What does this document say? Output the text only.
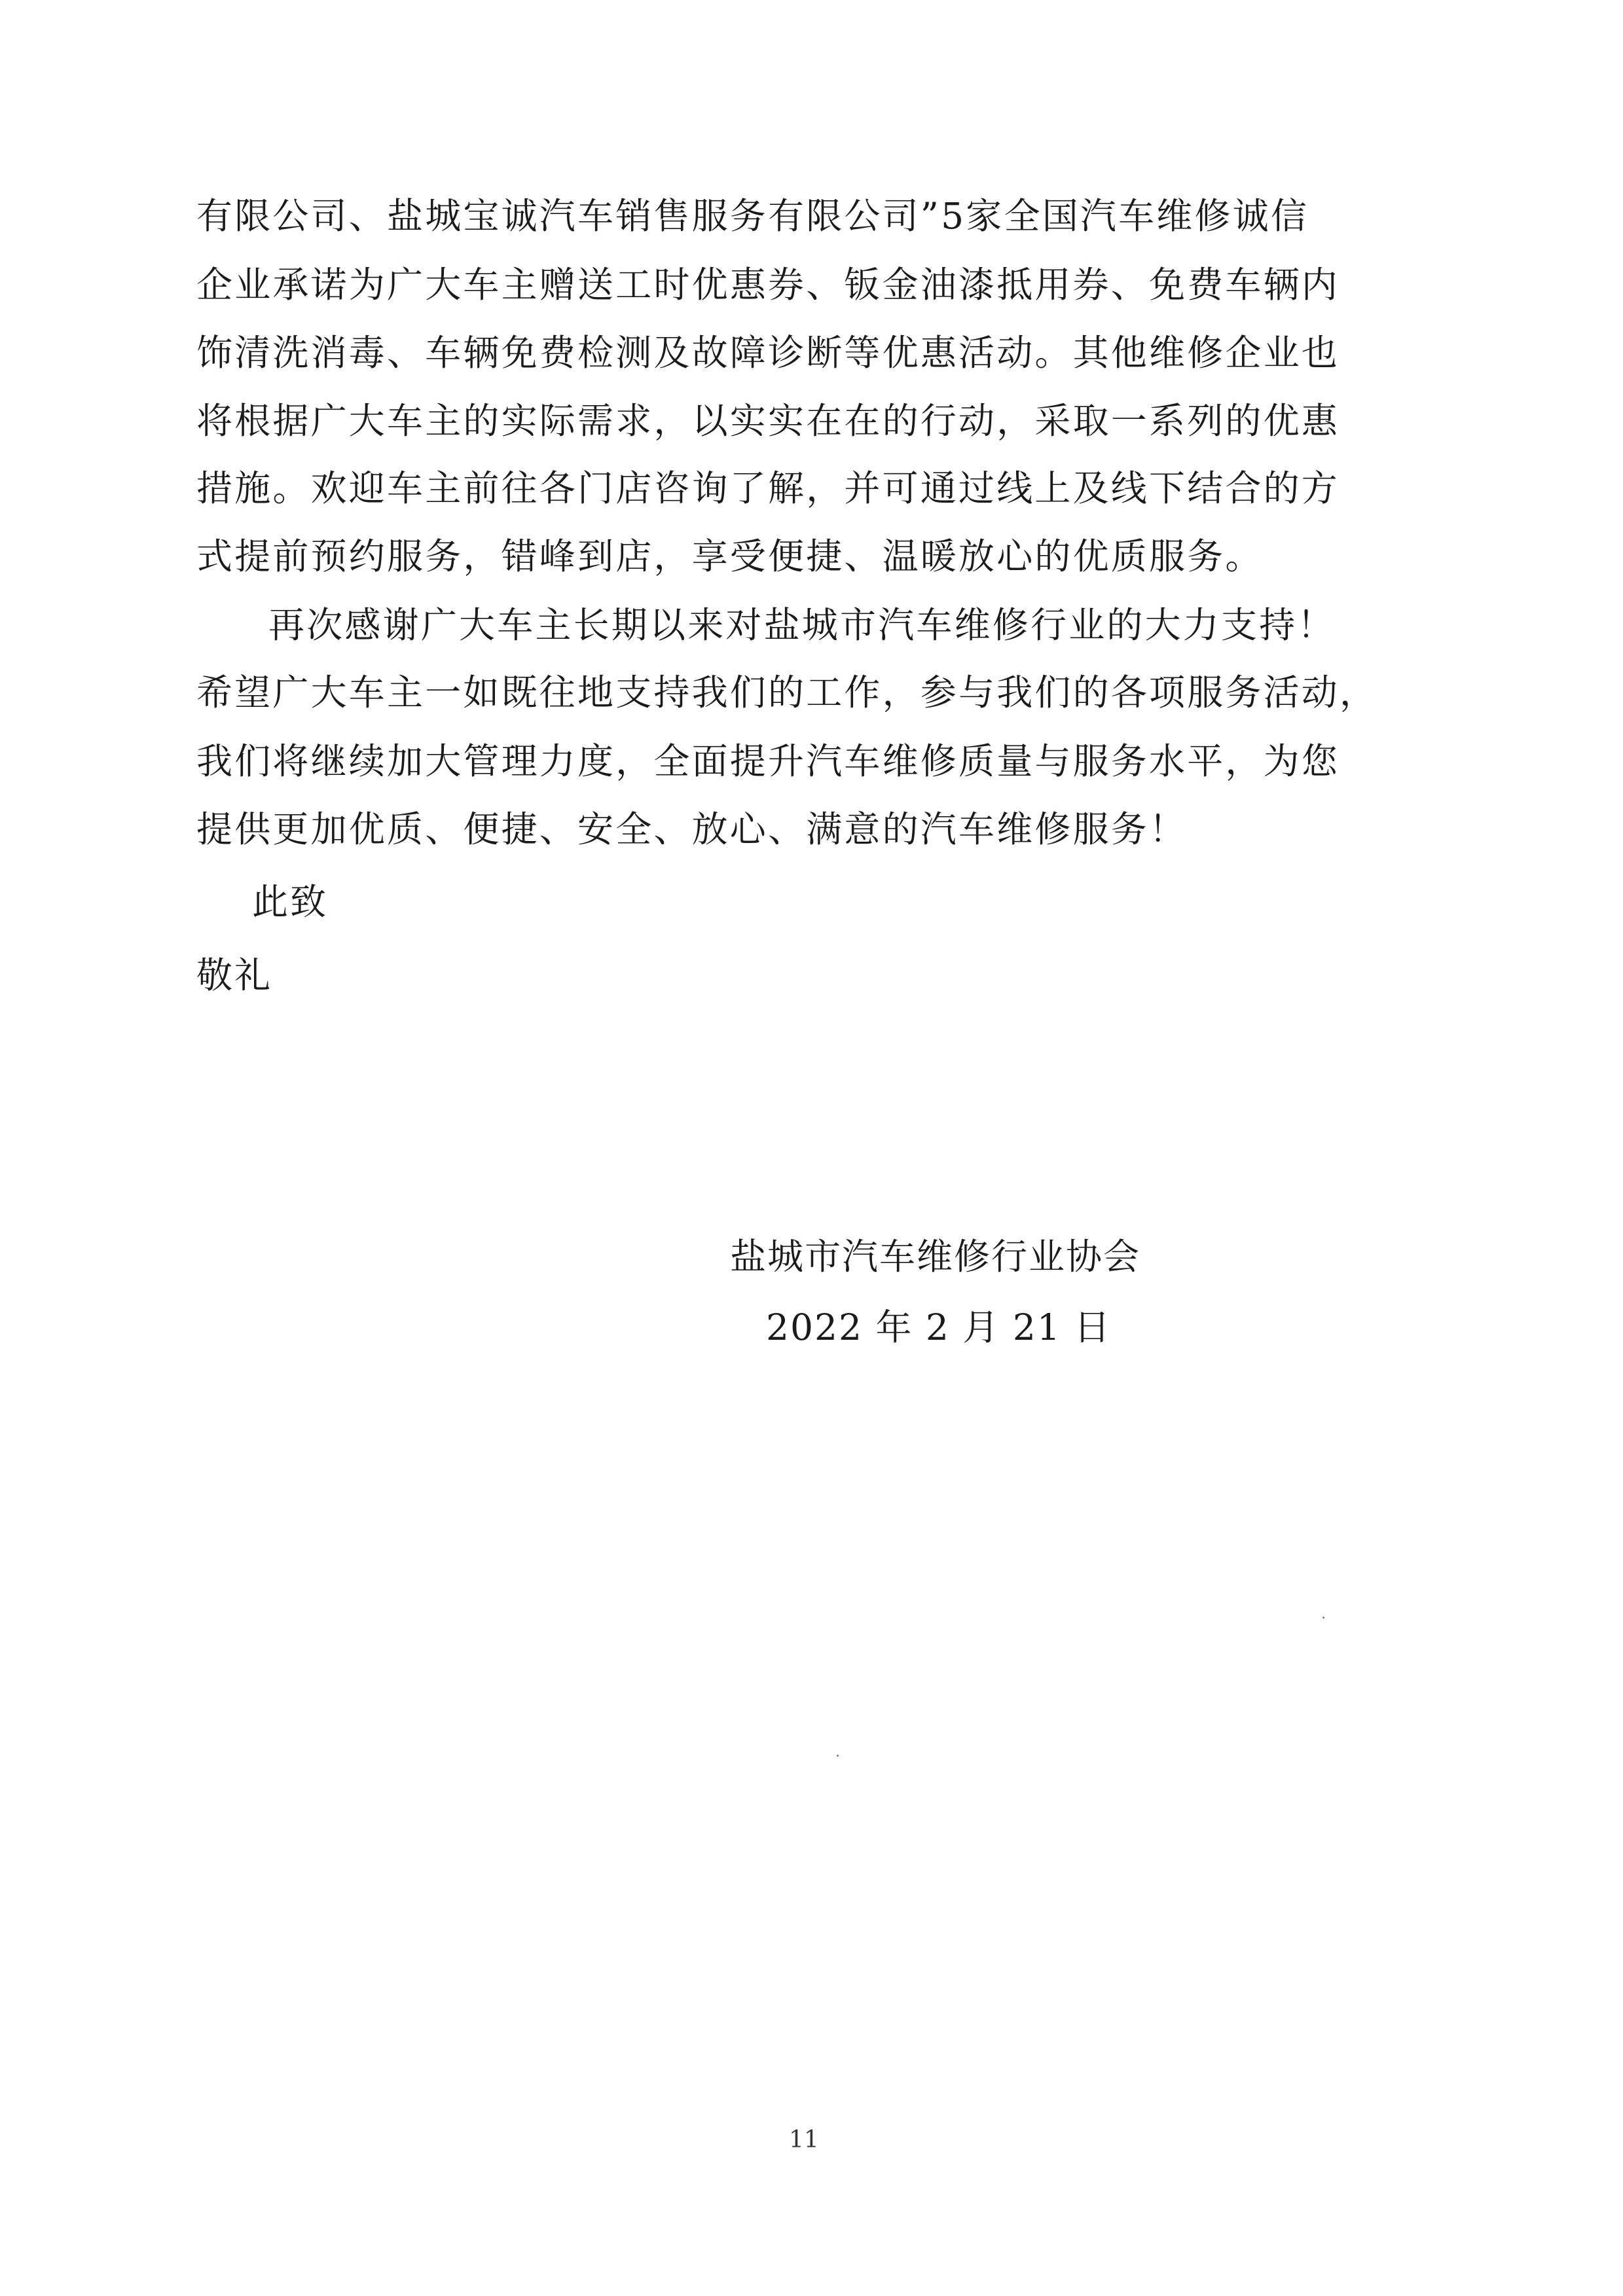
有限公司、盐城宝诚汽车销售服务有限公司”5家全国汽车维修诚信
企业承诺为广大车主赠送工时优惠券、钣金油漆抵用券、免费车辆内
饰清洗消毒、车辆免费检测及故障诊断等优惠活动。其他维修企业也
将根据广大车主的实际需求，以实实在在的行动，采取一系列的优惠
措施。欢迎车主前往各门店咨询了解，并可通过线上及线下结合的方
式提前预约服务，错峰到店，享受便捷、温暖放心的优质服务。
再次感谢广大车主长期以来对盐城市汽车维修行业的大力支持！
希望广大车主一如既往地支持我们的工作，参与我们的各项服务活动，
我们将继续加大管理力度，全面提升汽车维修质量与服务水平，为您
提供更加优质、便捷、安全、放心、满意的汽车维修服务！
此致
敬礼
盐城市汽车维修行业协会
2022 年 2 月 21 日
11
